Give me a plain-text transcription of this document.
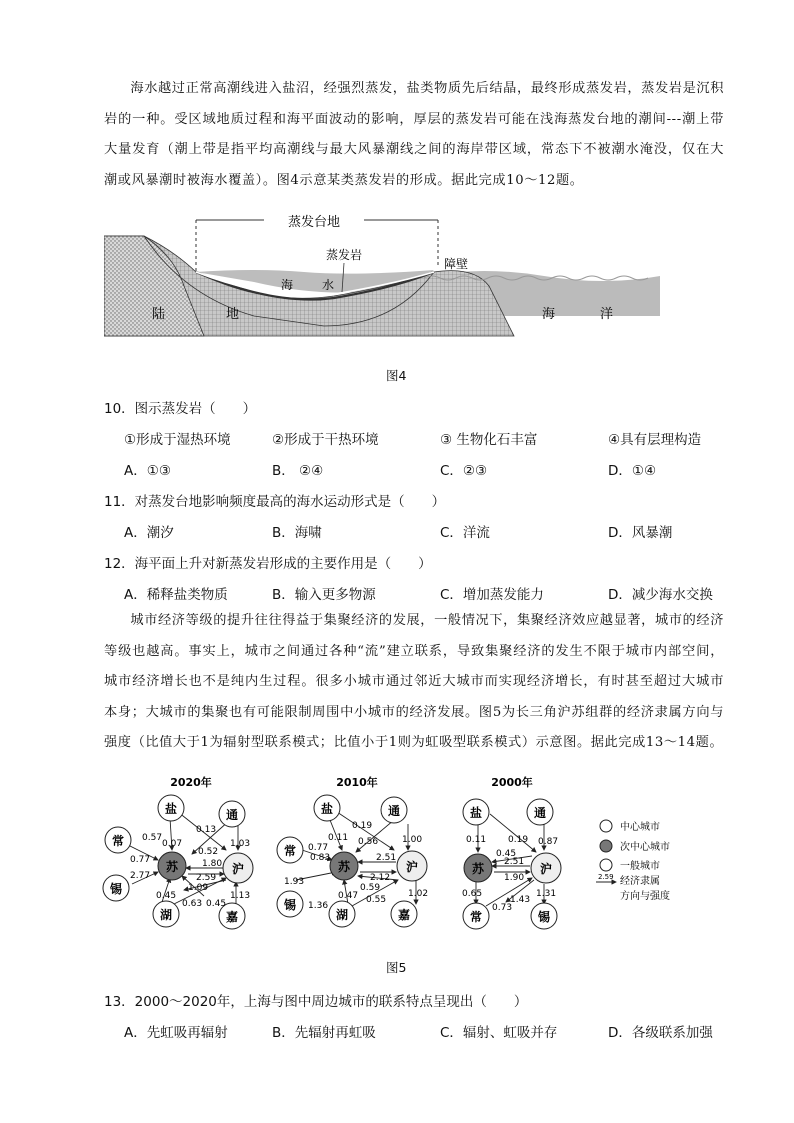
海水越过正常高潮线进入盐沼，经强烈蒸发，盐类物质先后结晶，最终形成蒸发岩，蒸发岩是沉积岩的一种。受区域地质过程和海平面波动的影响，厚层的蒸发岩可能在浅海蒸发台地的潮间---潮上带大量发育（潮上带是指平均高潮线与最大风暴潮线之间的海岸带区域，常态下不被潮水淹没，仅在大潮或风暴潮时被海水覆盖）。图4示意某类蒸发岩的形成。据此完成10～12题。
蒸发台地
蒸发岩
障壁
海 水
陆	地	海	洋
图4
10．图示蒸发岩（　　）
①形成于湿热环境	②形成于干热环境	③ 生物化石丰富	④具有层理构造
A．①③	B． ②④	C．②③	D．①④
11．对蒸发台地影响频度最高的海水运动形式是（　　）
A．潮汐	B．海啸	C．洋流	D．风暴潮
12．海平面上升对新蒸发岩形成的主要作用是（　　）
A．稀释盐类物质	B．输入更多物源	C．增加蒸发能力	D．减少海水交换
城市经济等级的提升往往得益于集聚经济的发展，一般情况下，集聚经济效应越显著，城市的经济等级也越高。事实上，城市之间通过各种“流”建立联系，导致集聚经济的发生不限于城市内部空间，城市经济增长也不是纯内生过程。很多小城市通过邻近大城市而实现经济增长，有时甚至超过大城市本身；大城市的集聚也有可能限制周围中小城市的经济发展。图5为长三角沪苏组群的经济隶属方向与强度（比值大于1为辐射型联系模式；比值小于1则为虹吸型联系模式）示意图。据此完成13～14题。
2020年
盐	通
常
苏	沪
锡
湖	嘉
0.57
0.13
0.07
0.52
1.03
0.77	1.80
2.77	2.59
1.09
0.45
0.63 0.45
1.13
2010年
盐	通
常
苏	沪
锡
湖	嘉
0.19
1.00
0.11 0.56
0.77
0.83	2.51
2.12
1.93
0.59
0.47
1.36
0.55
1.02
2000年
盐	通
苏	沪
常	锡
0.19 0.87
0.11
0.45
2.51
1.90
0.65
0.73
1.43
1.31
中心城市
次中心城市
一般城市
经济隶属
2.59
方向与强度
图5
13．2000～2020年，上海与图中周边城市的联系特点呈现出（　　）
A．先虹吸再辐射	B．先辐射再虹吸	C．辐射、虹吸并存	D．各级联系加强
